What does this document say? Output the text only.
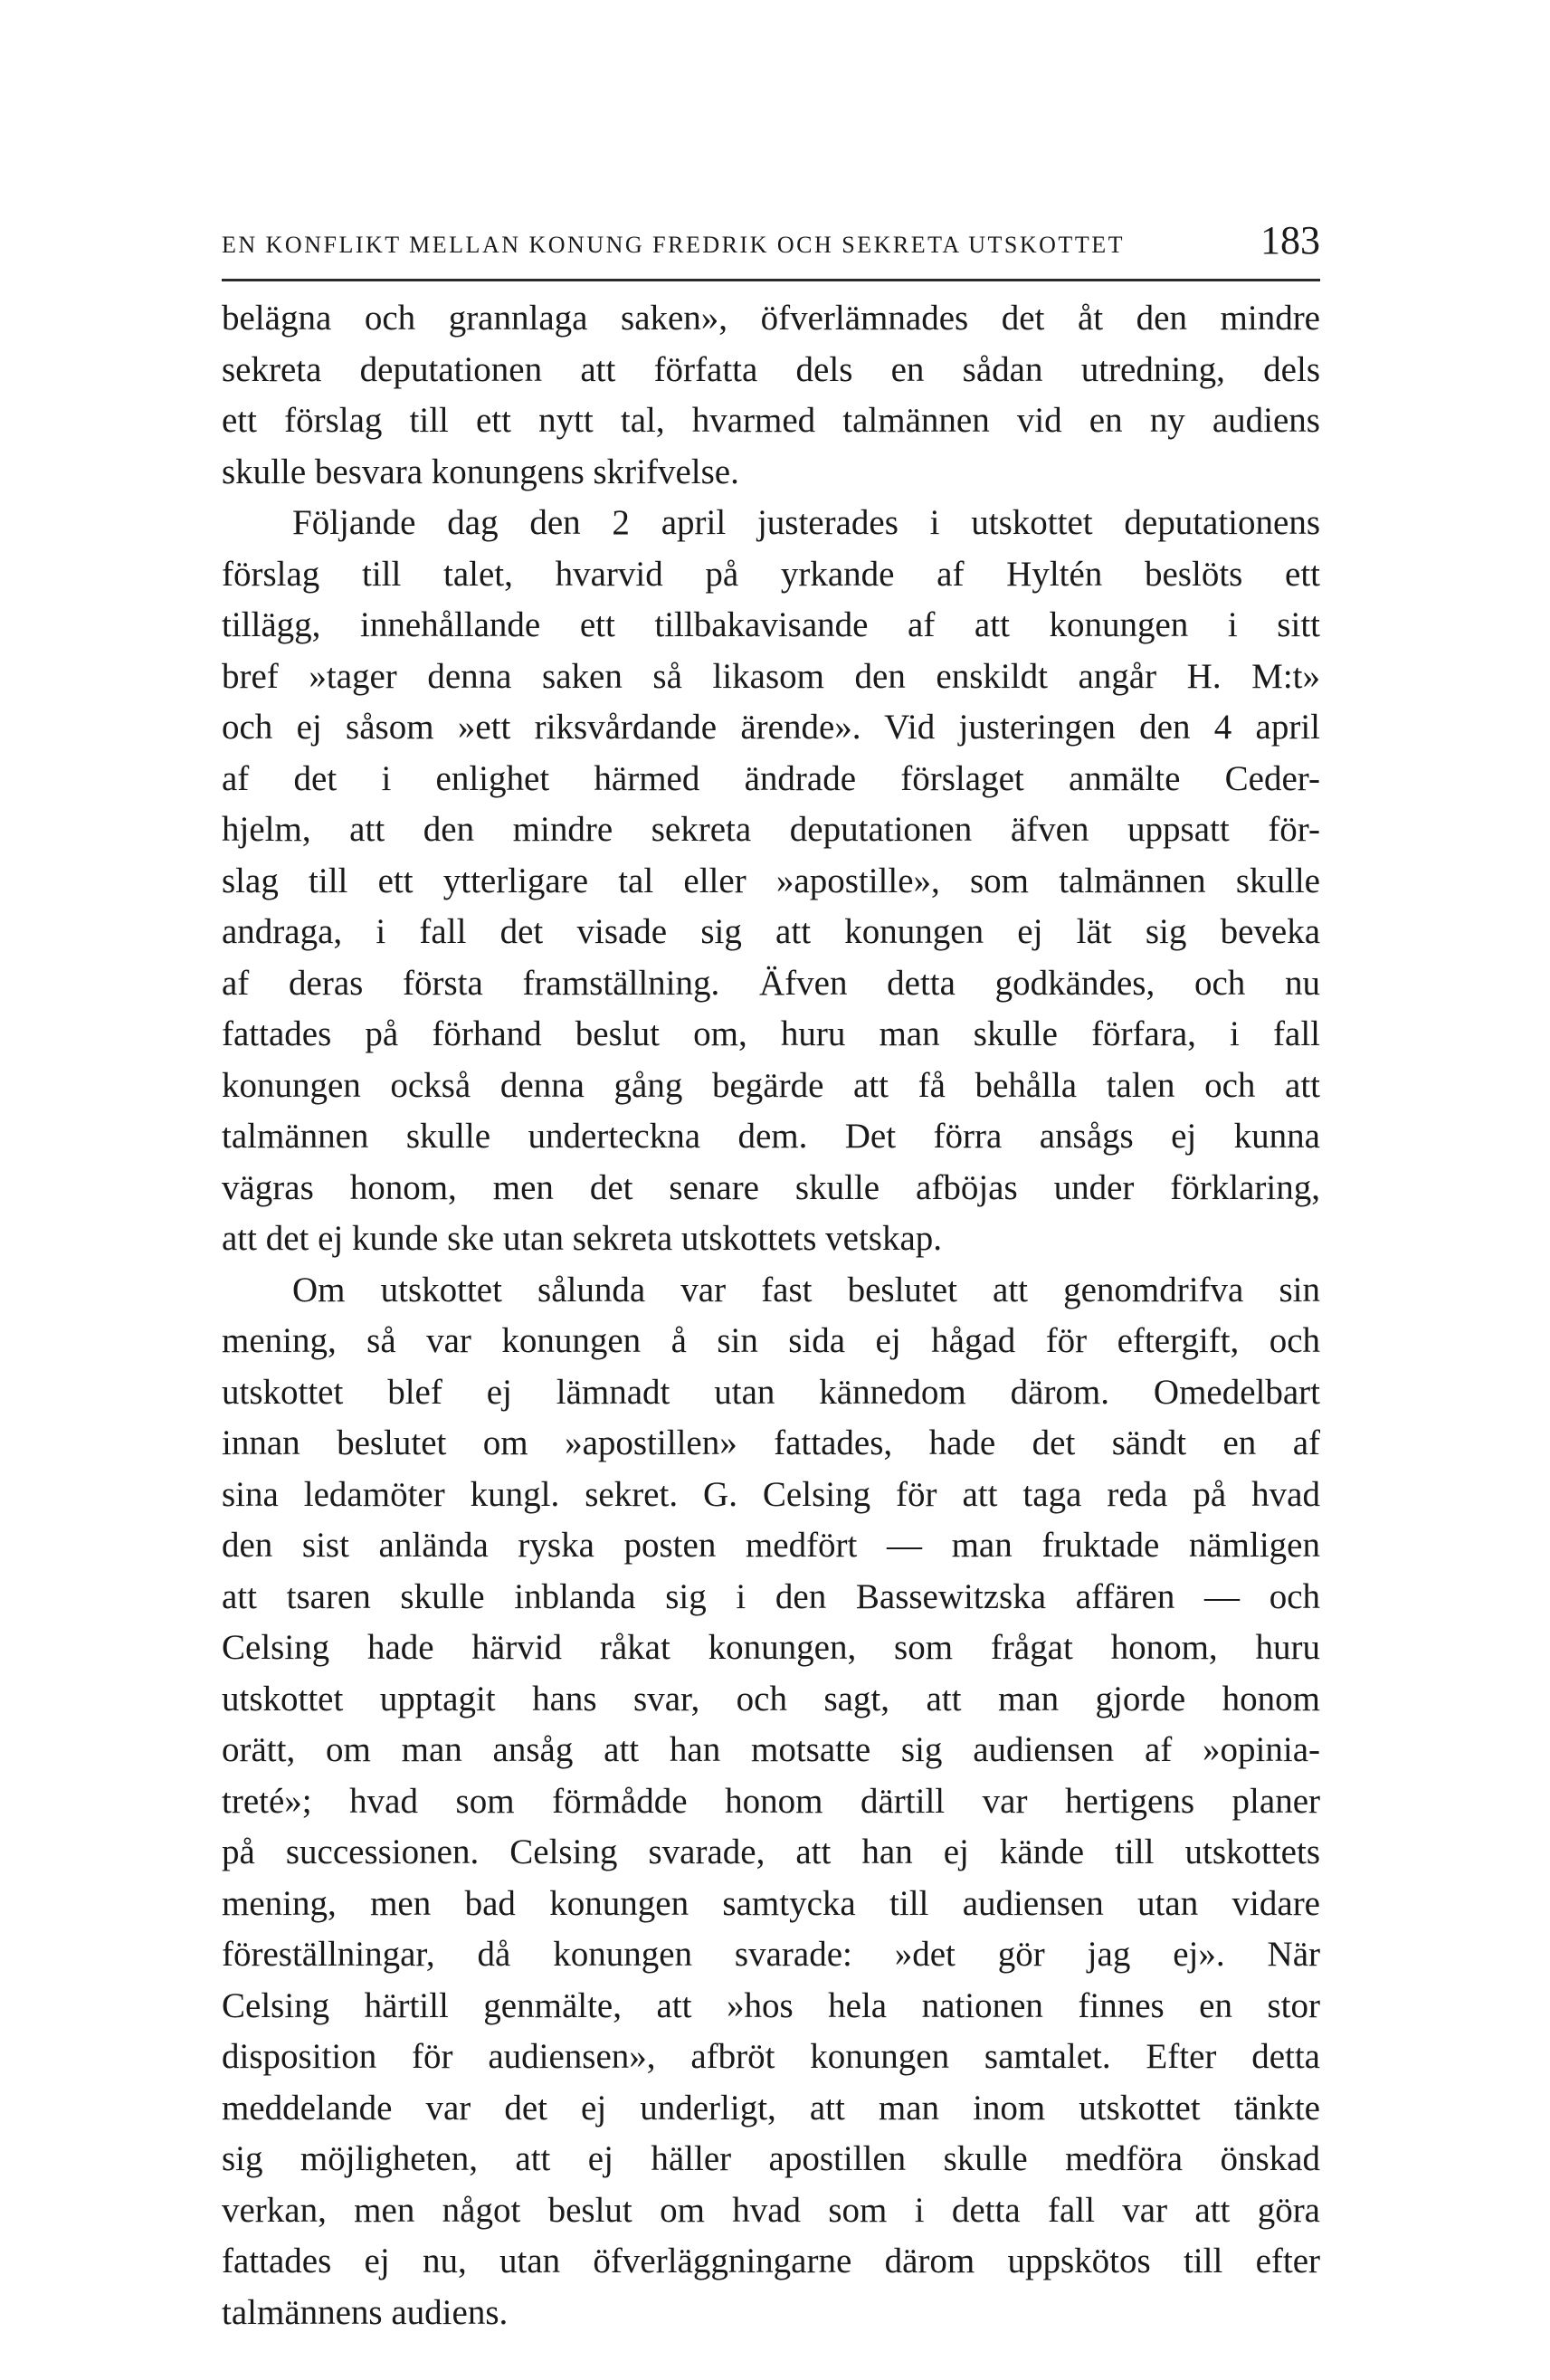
EN KONFLIKT MELLAN KONUNG FREDRIK OCH SEKRETA UTSKOTTET	183
belägna och grannlaga saken», öfverlämnades det åt den mindre
sekreta deputationen att författa dels en sådan utredning, dels
ett förslag till ett nytt tal, hvarmed talmännen vid en ny audiens
skulle besvara konungens skrifvelse.
Följande dag den 2 april justerades i utskottet deputationens
förslag till talet, hvarvid på yrkande af Hyltén beslöts ett
tillägg, innehållande ett tillbakavisande af att konungen i sitt
bref »tager denna saken så likasom den enskildt angår H. M:t»
och ej såsom »ett riksvårdande ärende». Vid justeringen den 4 april
af det i enlighet härmed ändrade förslaget anmälte Ceder-
hjelm, att den mindre sekreta deputationen äfven uppsatt för-
slag till ett ytterligare tal eller »apostille», som talmännen skulle
andraga, i fall det visade sig att konungen ej lät sig beveka
af deras första framställning. Äfven detta godkändes, och nu
fattades på förhand beslut om, huru man skulle förfara, i fall
konungen också denna gång begärde att få behålla talen och att
talmännen skulle underteckna dem. Det förra ansågs ej kunna
vägras honom, men det senare skulle afböjas under förklaring,
att det ej kunde ske utan sekreta utskottets vetskap.
Om utskottet sålunda var fast beslutet att genomdrifva sin
mening, så var konungen å sin sida ej hågad för eftergift, och
utskottet blef ej lämnadt utan kännedom därom. Omedelbart
innan beslutet om »apostillen» fattades, hade det sändt en af
sina ledamöter kungl. sekret. G. Celsing för att taga reda på hvad
den sist anlända ryska posten medfört — man fruktade nämligen
att tsaren skulle inblanda sig i den Bassewitzska affären — och
Celsing hade härvid råkat konungen, som frågat honom, huru
utskottet upptagit hans svar, och sagt, att man gjorde honom
orätt, om man ansåg att han motsatte sig audiensen af »opinia-
treté»; hvad som förmådde honom därtill var hertigens planer
på successionen. Celsing svarade, att han ej kände till utskottets
mening, men bad konungen samtycka till audiensen utan vidare
föreställningar, då konungen svarade: »det gör jag ej». När
Celsing härtill genmälte, att »hos hela nationen finnes en stor
disposition för audiensen», afbröt konungen samtalet. Efter detta
meddelande var det ej underligt, att man inom utskottet tänkte
sig möjligheten, att ej häller apostillen skulle medföra önskad
verkan, men något beslut om hvad som i detta fall var att göra
fattades ej nu, utan öfverläggningarne därom uppskötos till efter
talmännens audiens.
